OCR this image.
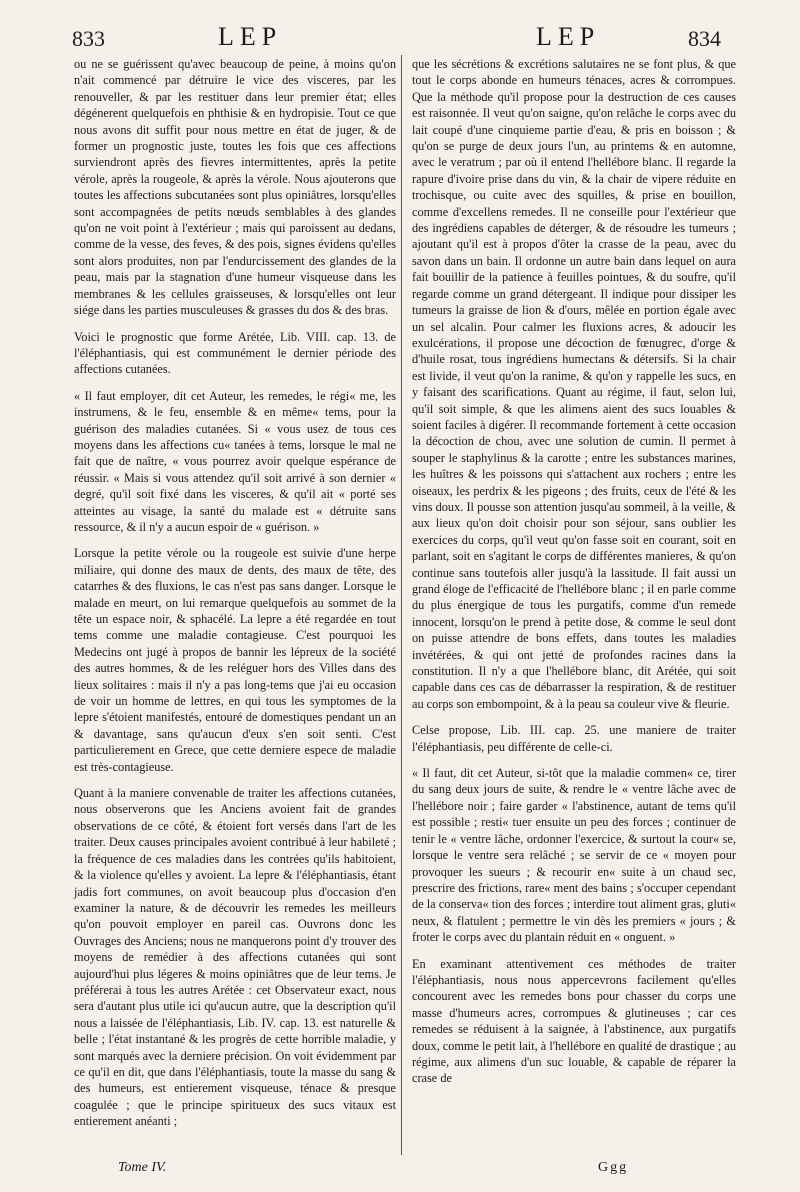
833	LEP	LEP	834

ou ne se guérissent qu'avec beaucoup de peine, à moins qu'on n'ait commencé par détruire le vice des visceres, par les renouveller, & par les restituer dans leur premier état; elles dégénerent quelquefois en phthisie & en hydropisie. Tout ce que nous avons dit suffit pour nous mettre en état de juger, & de former un prognostic juste, toutes les fois que ces affections surviendront après des fievres intermittentes, après la petite vérole, après la rougeole, & après la vérole. Nous ajouterons que toutes les affections subcutanées sont plus opiniâtres, lorsqu'elles sont accompagnées de petits nœuds semblables à des glandes qu'on ne voit point à l'extérieur ; mais qui paroissent au dedans, comme de la vesse, des feves, & des pois, signes évidens qu'elles sont alors produites, non par l'endurcissement des glandes de la peau, mais par la stagnation d'une humeur visqueuse dans les membranes & les cellules graisseuses, & lorsqu'elles ont leur siége dans les parties musculeuses & grasses du dos & des bras.

Voici le prognostic que forme Arétée, Lib. VIII. cap. 13. de l'éléphantiasis, qui est communément le dernier période des affections cutanées.

« Il faut employer, dit cet Auteur, les remedes, le régi« me, les instrumens, & le feu, ensemble & en même« tems, pour la guérison des maladies cutanées. Si « vous usez de tous ces moyens dans les affections cu« tanées à tems, lorsque le mal ne fait que de naître, « vous pourrez avoir quelque espérance de réussir. « Mais si vous attendez qu'il soit arrivé à son dernier « degré, qu'il soit fixé dans les visceres, & qu'il ait « porté ses atteintes au visage, la santé du malade est « détruite sans ressource, & il n'y a aucun espoir de « guérison. »

Lorsque la petite vérole ou la rougeole est suivie d'une herpe miliaire, qui donne des maux de dents, des maux de tête, des catarrhes & des fluxions, le cas n'est pas sans danger. Lorsque le malade en meurt, on lui remarque quelquefois au sommet de la tête un espace noir, & sphacélé. La lepre a été regardée en tout tems comme une maladie contagieuse. C'est pourquoi les Medecins ont jugé à propos de bannir les lépreux de la société des autres hommes, & de les reléguer hors des Villes dans des lieux solitaires : mais il n'y a pas long-tems que j'ai eu occasion de voir un homme de lettres, en qui tous les symptomes de la lepre s'étoient manifestés, entouré de domestiques pendant un an & davantage, sans qu'aucun d'eux s'en soit senti. C'est particulierement en Grece, que cette derniere espece de maladie est très-contagieuse.

Quant à la maniere convenable de traiter les affections cutanées, nous observerons que les Anciens avoient fait de grandes observations de ce côté, & étoient fort versés dans l'art de les traiter. Deux causes principales avoient contribué à leur habileté ; la fréquence de ces maladies dans les contrées qu'ils habitoient, & la violence qu'elles y avoient. La lepre & l'éléphantiasis, étant jadis fort communes, on avoit beaucoup plus d'occasion d'en examiner la nature, & de découvrir les remedes les meilleurs qu'on pouvoit employer en pareil cas. Ouvrons donc les Ouvrages des Anciens; nous ne manquerons point d'y trouver des moyens de remédier à des affections cutanées qui sont aujourd'hui plus légeres & moins opiniâtres que de leur tems. Je préférerai à tous les autres Arétée : cet Observateur exact, nous sera d'autant plus utile ici qu'aucun autre, que la description qu'il nous a laissée de l'éléphantiasis, Lib. IV. cap. 13. est naturelle & belle ; l'état instantané & les progrès de cette horrible maladie, y sont marqués avec la derniere précision. On voit évidemment par ce qu'il en dit, que dans l'éléphantiasis, toute la masse du sang & des humeurs, est entierement visqueuse, ténace & presque coagulée ; que le principe spiritueux des sucs vitaux est entierement anéanti ;

que les sécrétions & excrétions salutaires ne se font plus, & que tout le corps abonde en humeurs ténaces, acres & corrompues. Que la méthode qu'il propose pour la destruction de ces causes est raisonnée. Il veut qu'on saigne, qu'on relâche le corps avec du lait coupé d'une cinquieme partie d'eau, & pris en boisson ; & qu'on se purge de deux jours l'un, au printems & en automne, avec le veratrum ; par où il entend l'hellébore blanc. Il regarde la rapure d'ivoire prise dans du vin, & la chair de vipere réduite en trochisque, ou cuite avec des squilles, & prise en bouillon, comme d'excellens remedes. Il ne conseille pour l'extérieur que des ingrédiens capables de déterger, & de résoudre les tumeurs ; ajoutant qu'il est à propos d'ôter la crasse de la peau, avec du savon dans un bain. Il ordonne un autre bain dans lequel on aura fait bouillir de la patience à feuilles pointues, & du soufre, qu'il regarde comme un grand détergeant. Il indique pour dissiper les tumeurs la graisse de lion & d'ours, mêlée en portion égale avec un sel alcalin. Pour calmer les fluxions acres, & adoucir les exulcérations, il propose une décoction de fœnugrec, d'orge & d'huile rosat, tous ingrédiens humectans & détersifs. Si la chair est livide, il veut qu'on la ranime, & qu'on y rappelle les sucs, en y faisant des scarifications. Quant au régime, il faut, selon lui, qu'il soit simple, & que les alimens aient des sucs louables & soient faciles à digérer. Il recommande fortement à cette occasion la décoction de chou, avec une solution de cumin. Il permet à souper le staphylinus & la carotte ; entre les substances marines, les huîtres & les poissons qui s'attachent aux rochers ; entre les oiseaux, les perdrix & les pigeons ; des fruits, ceux de l'été & les vins doux. Il pousse son attention jusqu'au sommeil, à la veille, & aux lieux qu'on doit choisir pour son séjour, sans oublier les exercices du corps, qu'il veut qu'on fasse soit en courant, soit en parlant, soit en s'agitant le corps de différentes manieres, & qu'on continue sans toutefois aller jusqu'à la lassitude. Il fait aussi un grand éloge de l'efficacité de l'hellébore blanc ; il en parle comme du plus énergique de tous les purgatifs, comme d'un remede innocent, lorsqu'on le prend à petite dose, & comme le seul dont on puisse attendre de bons effets, dans toutes les maladies invétérées, & qui ont jetté de profondes racines dans la constitution. Il n'y a que l'hellébore blanc, dit Arétée, qui soit capable dans ces cas de débarrasser la respiration, & de restituer au corps son embompoint, & à la peau sa couleur vive & fleurie.

Celse propose, Lib. III. cap. 25. une maniere de traiter l'éléphantiasis, peu différente de celle-ci.

« Il faut, dit cet Auteur, si-tôt que la maladie commen« ce, tirer du sang deux jours de suite, & rendre le « ventre lâche avec de l'hellébore noir ; faire garder « l'abstinence, autant de tems qu'il est possible ; resti« tuer ensuite un peu des forces ; continuer de tenir le « ventre lâche, ordonner l'exercice, & surtout la cour« se, lorsque le ventre sera relâché ; se servir de ce « moyen pour provoquer les sueurs ; & recourir en« suite à un chaud sec, prescrire des frictions, rare« ment des bains ; s'occuper cependant de la conserva« tion des forces ; interdire tout aliment gras, gluti« neux, & flatulent ; permettre le vin dès les premiers « jours ; & froter le corps avec du plantain réduit en « onguent. »

En examinant attentivement ces méthodes de traiter l'éléphantiasis, nous nous appercevrons facilement qu'elles concourent avec les remedes bons pour chasser du corps une masse d'humeurs acres, corrompues & glutineuses ; car ces remedes se réduisent à la saignée, à l'abstinence, aux purgatifs doux, comme le petit lait, à l'hellébore en qualité de drastique ; au régime, aux alimens d'un suc louable, & capable de réparer la crase de

Tome IV.	Ggg
